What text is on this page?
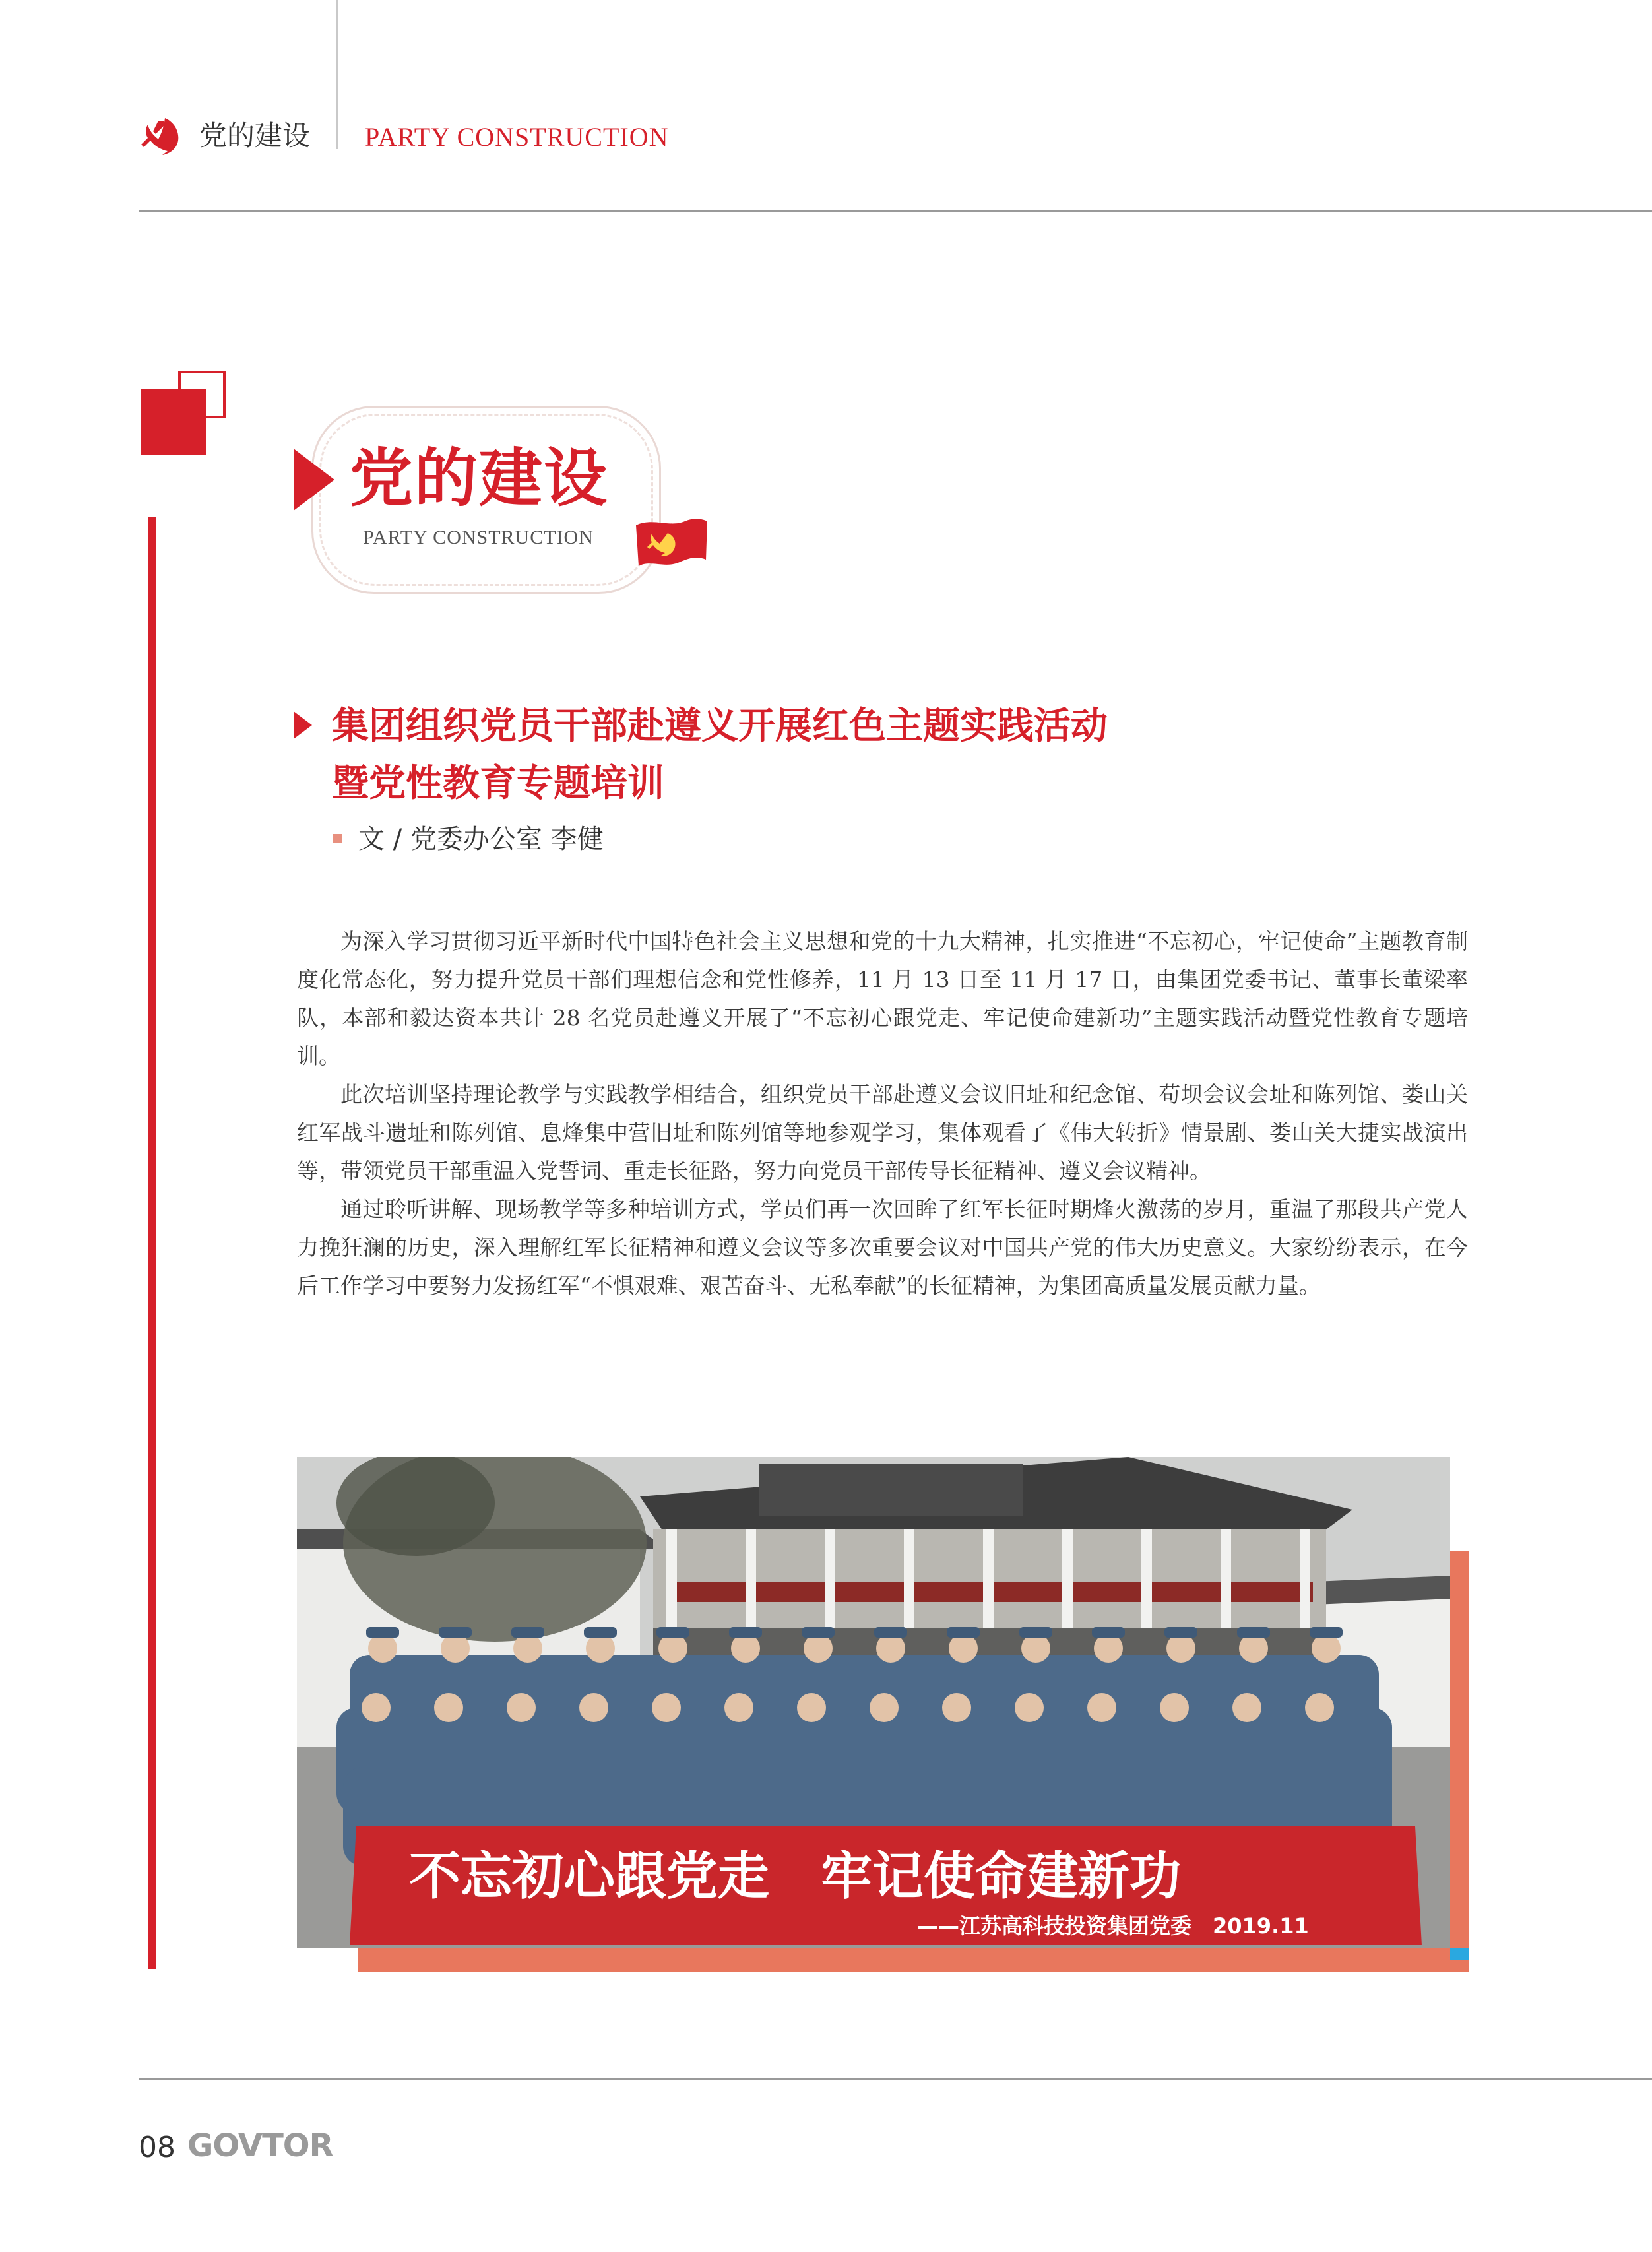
党的建设 PARTY CONSTRUCTION
党的建设
PARTY CONSTRUCTION
集团组织党员干部赴遵义开展红色主题实践活动
暨党性教育专题培训
文 / 党委办公室 李健

为深入学习贯彻习近平新时代中国特色社会主义思想和党的十九大精神，扎实推进“不忘初心，牢记使命”主题教育制度化常态化，努力提升党员干部们理想信念和党性修养，11 月 13 日至 11 月 17 日，由集团党委书记、董事长董梁率队，本部和毅达资本共计 28 名党员赴遵义开展了“不忘初心跟党走、牢记使命建新功”主题实践活动暨党性教育专题培训。

此次培训坚持理论教学与实践教学相结合，组织党员干部赴遵义会议旧址和纪念馆、苟坝会议会址和陈列馆、娄山关红军战斗遗址和陈列馆、息烽集中营旧址和陈列馆等地参观学习，集体观看了《伟大转折》情景剧、娄山关大捷实战演出等，带领党员干部重温入党誓词、重走长征路，努力向党员干部传导长征精神、遵义会议精神。

通过聆听讲解、现场教学等多种培训方式，学员们再一次回眸了红军长征时期烽火激荡的岁月，重温了那段共产党人力挽狂澜的历史，深入理解红军长征精神和遵义会议等多次重要会议对中国共产党的伟大历史意义。大家纷纷表示，在今后工作学习中要努力发扬红军“不惧艰难、艰苦奋斗、无私奉献”的长征精神，为集团高质量发展贡献力量。

不忘初心跟党走　牢记使命建新功
——江苏高科技投资集团党委　2019.11
08 GOVTOR
